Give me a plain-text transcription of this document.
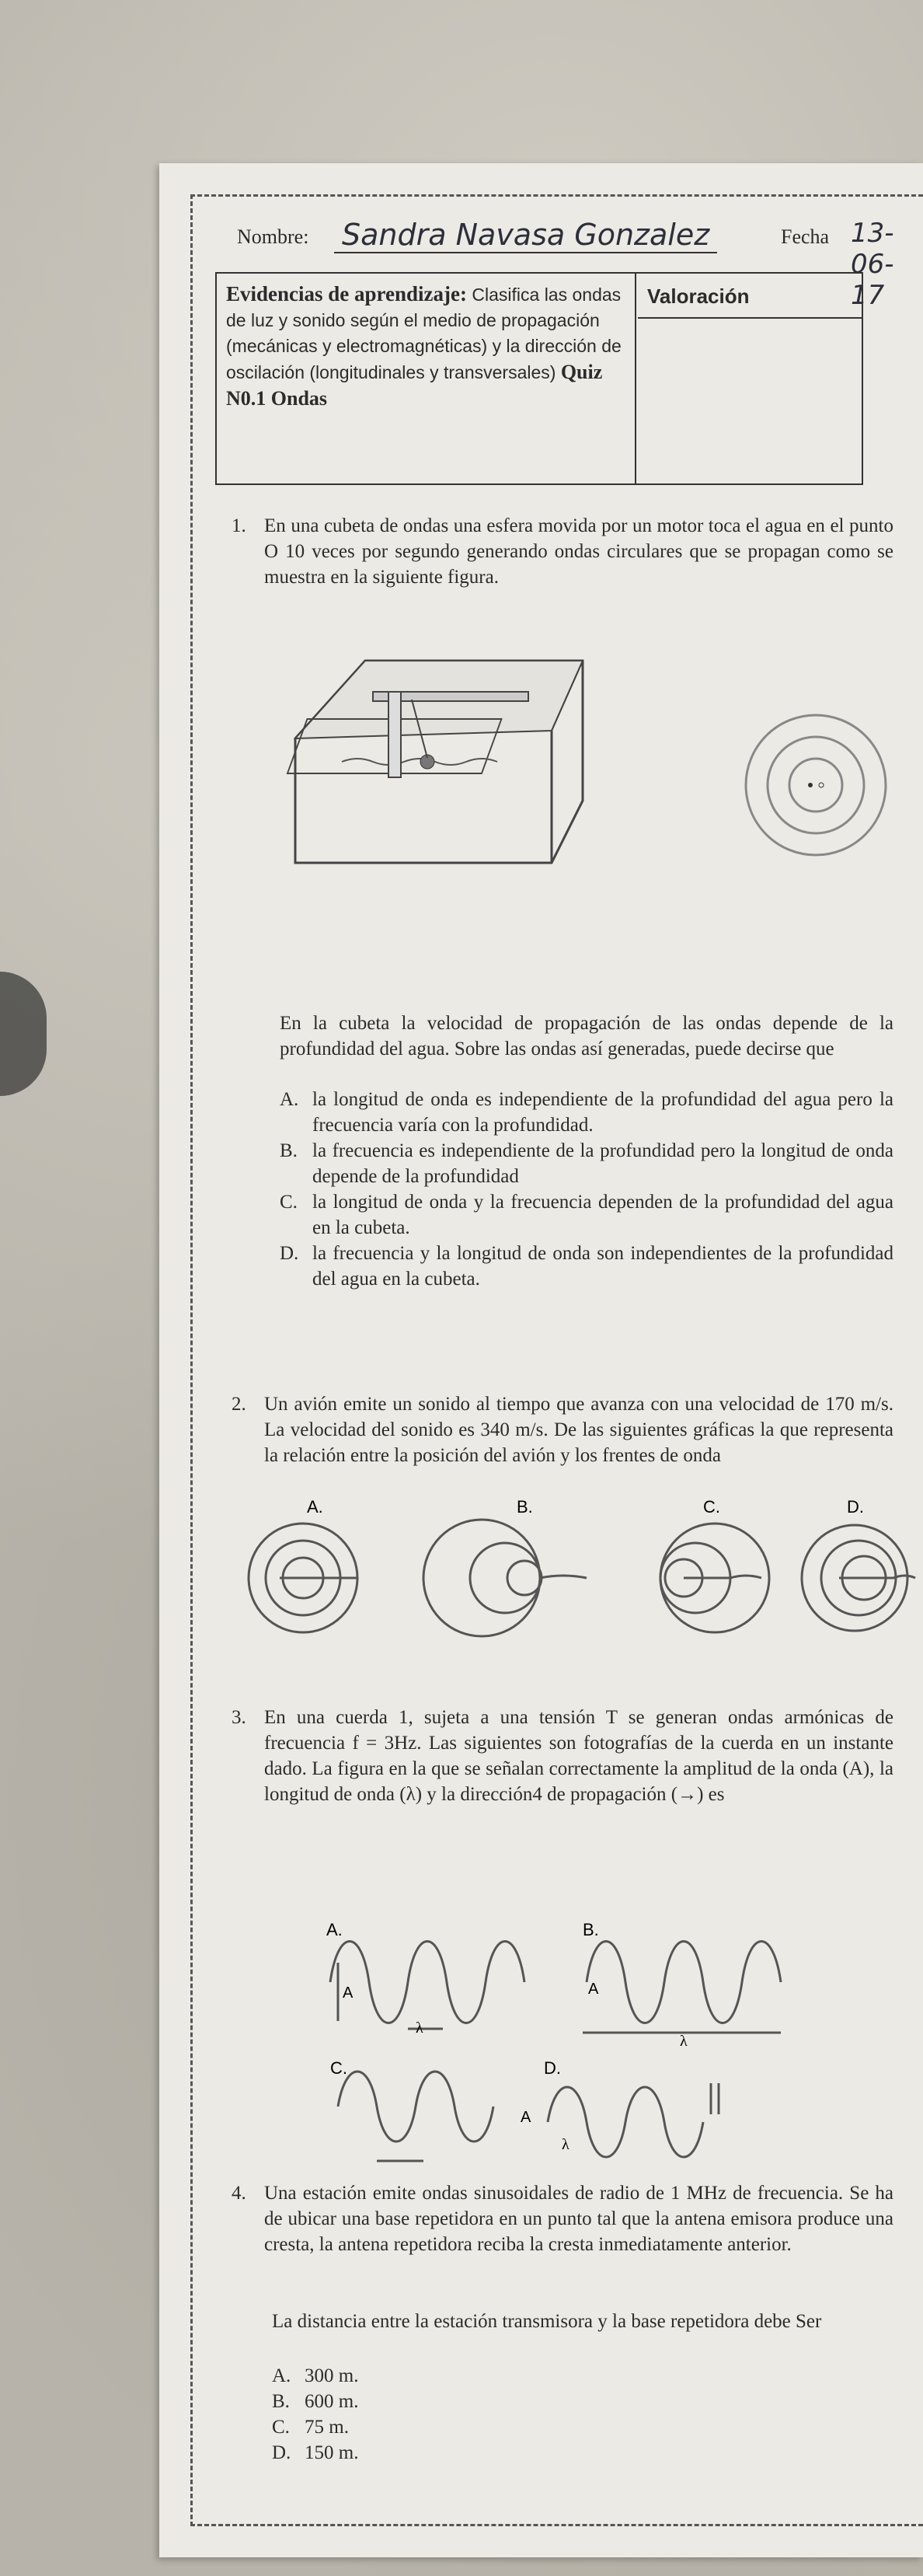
Nombre: Sandra Navasa Gonzalez	Fecha 13-06-17
Evidencias de aprendizaje: Clasifica las ondas de luz y sonido según el medio de propagación (mecánicas y electromagnéticas) y la dirección de oscilación (longitudinales y transversales) Quiz N0.1 Ondas
Valoración
1. En una cubeta de ondas una esfera movida por un motor toca el agua en el punto O 10 veces por segundo generando ondas circulares que se propagan como se muestra en la siguiente figura.
En la cubeta la velocidad de propagación de las ondas depende de la profundidad del agua. Sobre las ondas así generadas, puede decirse que
A. la longitud de onda es independiente de la profundidad del agua pero la frecuencia varía con la profundidad.
B. la frecuencia es independiente de la profundidad pero la longitud de onda depende de la profundidad
C. la longitud de onda y la frecuencia dependen de la profundidad del agua en la cubeta.
D. la frecuencia y la longitud de onda son independientes de la profundidad del agua en la cubeta.
2. Un avión emite un sonido al tiempo que avanza con una velocidad de 170 m/s. La velocidad del sonido es 340 m/s. De las siguientes gráficas la que representa la relación entre la posición del avión y los frentes de onda
A.	B.	C.	D.
3. En una cuerda 1, sujeta a una tensión T se generan ondas armónicas de frecuencia f = 3Hz. Las siguientes son fotografías de la cuerda en un instante dado. La figura en la que se señalan correctamente la amplitud de la onda (A), la longitud de onda (λ) y la dirección4 de propagación (→) es
A.	B.
C.	D.
A
λ
A
λ
A
λ
4. Una estación emite ondas sinusoidales de radio de 1 MHz de frecuencia. Se ha de ubicar una base repetidora en un punto tal que la antena emisora produce una cresta, la antena repetidora reciba la cresta inmediatamente anterior.
La distancia entre la estación transmisora y la base repetidora debe Ser
A. 300 m.
B. 600 m.
C. 75 m.
D. 150 m.
